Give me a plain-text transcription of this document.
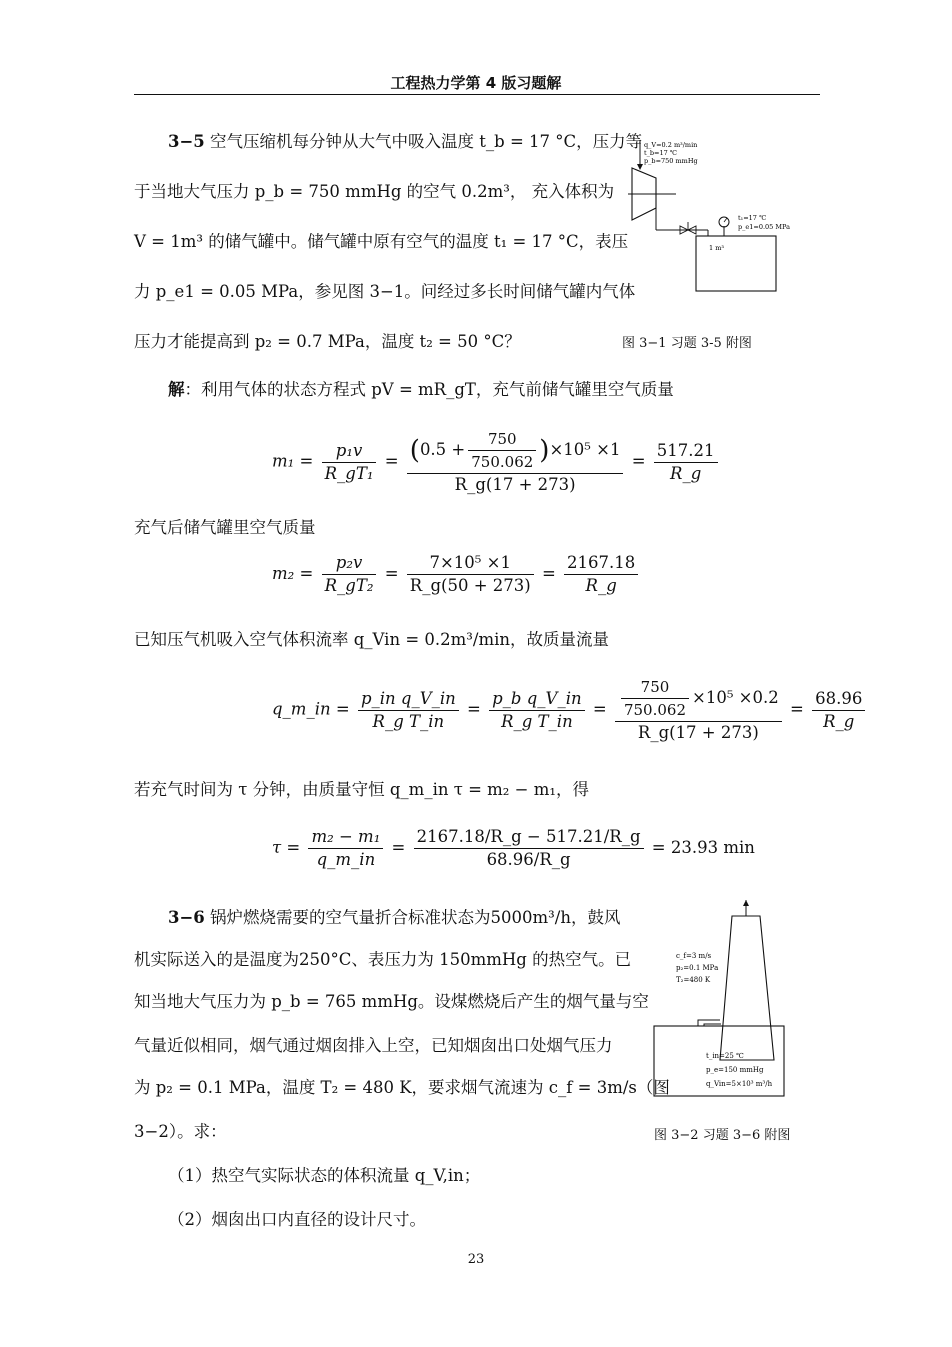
工程热力学第 4 版习题解
3−5 空气压缩机每分钟从大气中吸入温度 t_b = 17 °C，压力等
于当地大气压力 p_b = 750 mmHg 的空气 0.2m³， 充入体积为
V = 1m³ 的储气罐中。储气罐中原有空气的温度 t₁ = 17 °C，表压
力 p_e1 = 0.05 MPa，参见图 3−1。问经过多长时间储气罐内气体
压力才能提高到 p₂ = 0.7 MPa，温度 t₂ = 50 °C？
q_V=0.2 m³/min
t_b=17 ℃
p_b=750 mmHg
1 m³
t₁=17 ℃
p_e1=0.05 MPa
图 3−1 习题 3-5 附图
解：利用气体的状态方程式 pV = mR_gT，充气前储气罐里空气质量
$m_1 = \frac{\text{p₁v}}{\text{R\_gT₁}} = \frac{(0.5 + \frac{750}{750.062} )\times 10^5 \times 1}{R\_g(17 + 273)} = \frac{517.21}{R\_g}$
充气后储气罐里空气质量
$m_2 = \frac{\text{p₂v}}{\text{R\_gT₂}} = \frac{\text{7×10⁵ ×1}}{R\_g(50 + 273)} = \frac{2167.18}{R\_g}$
已知压气机吸入空气体积流率 q_Vin = 0.2m³/min，故质量流量
q_m_in = $\frac{\text{p\_in q\_V\_in}}{\text{R\_g T\_in}} = \frac{\text{p\_b q\_V\_in}}{\text{R\_g T\_in}} = \frac{\frac{750}{750.062} \times 10^5 \times 0.2}{R\_g(17 + 273)} = \frac{68.96}{R\_g}$
若充气时间为 τ 分钟，由质量守恒 q_m_in τ = m₂ − m₁，得
$\tau = \frac{\text{m₂ − m₁}}{q\_m\_in} = \frac{2167.18/R\_g - 517.21/R\_g}{68.96/R\_g} = 23.93$ min
3−6 锅炉燃烧需要的空气量折合标准状态为5000m³/h，鼓风
机实际送入的是温度为250°C、表压力为 150mmHg 的热空气。已
知当地大气压力为 p_b = 765 mmHg。设煤燃烧后产生的烟气量与空
气量近似相同，烟气通过烟囱排入上空，已知烟囱出口处烟气压力
为 p₂ = 0.1 MPa，温度 T₂ = 480 K，要求烟气流速为 c_f = 3m/s（图
3−2）。求：
（1）热空气实际状态的体积流量 q_V,in；
（2）烟囱出口内直径的设计尺寸。
c_f=3 m/s
p₂=0.1 MPa
T₂=480 K
t_in=25 ℃
p_e=150 mmHg
q_Vin=5×10³ m³/h
图 3−2 习题 3−6 附图
23
